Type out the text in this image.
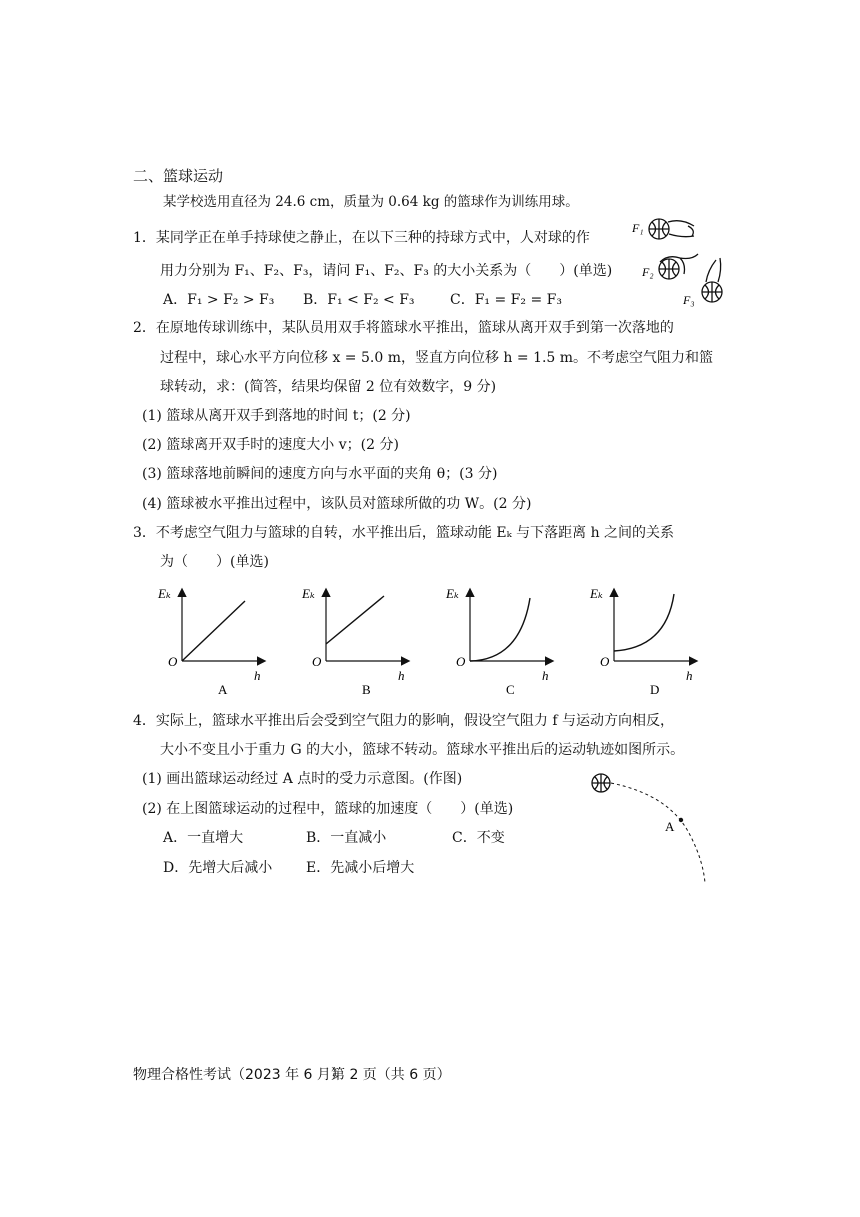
二、篮球运动
某学校选用直径为 24.6 cm，质量为 0.64 kg 的篮球作为训练用球。
1．某同学正在单手持球使之静止，在以下三种的持球方式中，人对球的作
用力分别为 F₁、F₂、F₃，请问 F₁、F₂、F₃ 的大小关系为（　　）(单选)
A．F₁ > F₂ > F₃ B．F₁ < F₂ < F₃	C．F₁ = F₂ = F₃
F₁
F₂
F₃
2．在原地传球训练中，某队员用双手将篮球水平推出，篮球从离开双手到第一次落地的
过程中，球心水平方向位移 x = 5.0 m，竖直方向位移 h = 1.5 m。不考虑空气阻力和篮
球转动，求：(简答，结果均保留 2 位有效数字，9 分)
(1) 篮球从离开双手到落地的时间 t；(2 分)
(2) 篮球离开双手时的速度大小 v；(2 分)
(3) 篮球落地前瞬间的速度方向与水平面的夹角 θ；(3 分)
(4) 篮球被水平推出过程中，该队员对篮球所做的功 W。(2 分)
3．不考虑空气阻力与篮球的自转，水平推出后，篮球动能 Eₖ 与下落距离 h 之间的关系
为（　　）(单选)
Eₖ
O
h
A
Eₖ
O
h
B
Eₖ
O
h
C
Eₖ
O
h
D
4．实际上，篮球水平推出后会受到空气阻力的影响，假设空气阻力 f 与运动方向相反，
大小不变且小于重力 G 的大小，篮球不转动。篮球水平推出后的运动轨迹如图所示。
(1) 画出篮球运动经过 A 点时的受力示意图。(作图)
(2) 在上图篮球运动的过程中，篮球的加速度（　　）(单选)
A．一直增大	B．一直减小	C．不变
D．先增大后减小 E．先减小后增大
A
物理合格性考试（2023 年 6 月）
第 2 页（共 6 页）
